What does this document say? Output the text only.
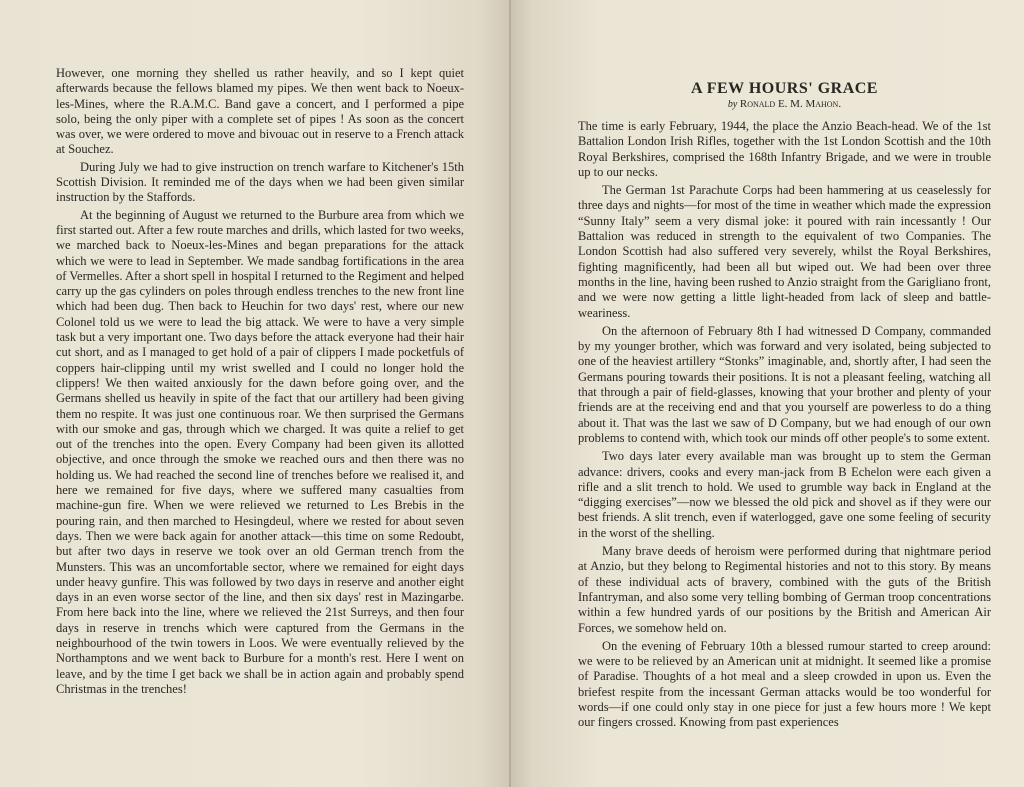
However, one morning they shelled us rather heavily, and so I kept quiet afterwards because the fellows blamed my pipes. We then went back to Noeux-les-Mines, where the R.A.M.C. Band gave a concert, and I performed a pipe solo, being the only piper with a complete set of pipes ! As soon as the concert was over, we were ordered to move and bivouac out in reserve to a French attack at Souchez.

During July we had to give instruction on trench warfare to Kitchener's 15th Scottish Division. It reminded me of the days when we had been given similar instruction by the Staffords.

At the beginning of August we returned to the Burbure area from which we first started out. After a few route marches and drills, which lasted for two weeks, we marched back to Noeux-les-Mines and began preparations for the attack which we were to lead in September. We made sandbag fortifications in the area of Vermelles. After a short spell in hospital I returned to the Regiment and helped carry up the gas cylinders on poles through endless trenches to the new front line which had been dug. Then back to Heuchin for two days' rest, where our new Colonel told us we were to lead the big attack. We were to have a very simple task but a very important one. Two days before the attack everyone had their hair cut short, and as I managed to get hold of a pair of clippers I made pocketfuls of coppers hair-clipping until my wrist swelled and I could no longer hold the clippers! We then waited anxiously for the dawn before going over, and the Germans shelled us heavily in spite of the fact that our artillery had been giving them no respite. It was just one continuous roar. We then surprised the Germans with our smoke and gas, through which we charged. It was quite a relief to get out of the trenches into the open. Every Company had been given its allotted objective, and once through the smoke we reached ours and then there was no holding us. We had reached the second line of trenches before we realised it, and here we remained for five days, where we suffered many casualties from machine-gun fire. When we were relieved we returned to Les Brebis in the pouring rain, and then marched to Hesingdeul, where we rested for about seven days. Then we were back again for another attack—this time on some Redoubt, but after two days in reserve we took over an old German trench from the Munsters. This was an uncomfortable sector, where we remained for eight days under heavy gunfire. This was followed by two days in reserve and another eight days in an even worse sector of the line, and then six days' rest in Mazingarbe. From here back into the line, where we relieved the 21st Surreys, and then four days in reserve in trenchs which were captured from the Germans in the neighbourhood of the twin towers in Loos. We were eventually relieved by the Northamptons and we went back to Burbure for a month's rest. Here I went on leave, and by the time I get back we shall be in action again and probably spend Christmas in the trenches!

A FEW HOURS' GRACE
by Ronald E. M. Mahon.

The time is early February, 1944, the place the Anzio Beach-head. We of the 1st Battalion London Irish Rifles, together with the 1st London Scottish and the 10th Royal Berkshires, comprised the 168th Infantry Brigade, and we were in trouble up to our necks.

The German 1st Parachute Corps had been hammering at us ceaselessly for three days and nights—for most of the time in weather which made the expression “Sunny Italy” seem a very dismal joke: it poured with rain incessantly ! Our Battalion was reduced in strength to the equivalent of two Companies. The London Scottish had also suffered very severely, whilst the Royal Berkshires, fighting magnificently, had been all but wiped out. We had been over three months in the line, having been rushed to Anzio straight from the Garigliano front, and we were now getting a little light-headed from lack of sleep and battle-weariness.

On the afternoon of February 8th I had witnessed D Company, commanded by my younger brother, which was forward and very isolated, being subjected to one of the heaviest artillery “Stonks” imaginable, and, shortly after, I had seen the Germans pouring towards their positions. It is not a pleasant feeling, watching all that through a pair of field-glasses, knowing that your brother and plenty of your friends are at the receiving end and that you yourself are powerless to do a thing about it. That was the last we saw of D Company, but we had enough of our own problems to contend with, which took our minds off other people's to some extent.

Two days later every available man was brought up to stem the German advance: drivers, cooks and every man-jack from B Echelon were each given a rifle and a slit trench to hold. We used to grumble way back in England at the “digging exercises”—now we blessed the old pick and shovel as if they were our best friends. A slit trench, even if waterlogged, gave one some feeling of security in the worst of the shelling.

Many brave deeds of heroism were performed during that nightmare period at Anzio, but they belong to Regimental histories and not to this story. By means of these individual acts of bravery, combined with the guts of the British Infantryman, and also some very telling bombing of German troop concentrations within a few hundred yards of our positions by the British and American Air Forces, we somehow held on.

On the evening of February 10th a blessed rumour started to creep around: we were to be relieved by an American unit at midnight. It seemed like a promise of Paradise. Thoughts of a hot meal and a sleep crowded in upon us. Even the briefest respite from the incessant German attacks would be too wonderful for words—if one could only stay in one piece for just a few hours more ! We kept our fingers crossed. Knowing from past experiences
